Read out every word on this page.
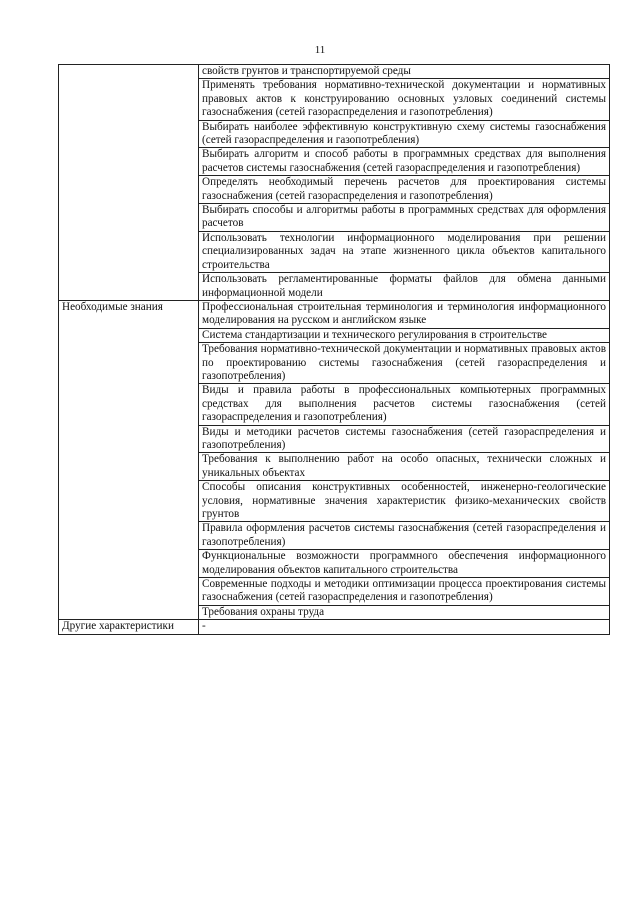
11

	свойств грунтов и транспортируемой среды

	Применять требования нормативно-технической документации и нормативных правовых актов к конструированию основных узловых соединений системы газоснабжения (сетей газораспределения и газопотребления)

	Выбирать наиболее эффективную конструктивную схему системы газоснабжения (сетей газораспределения и газопотребления)

	Выбирать алгоритм и способ работы в программных средствах для выполнения расчетов системы газоснабжения (сетей газораспределения и газопотребления)

	Определять необходимый перечень расчетов для проектирования системы газоснабжения (сетей газораспределения и газопотребления)

	Выбирать способы и алгоритмы работы в программных средствах для оформления расчетов

	Использовать технологии информационного моделирования при решении специализированных задач на этапе жизненного цикла объектов капитального строительства

	Использовать регламентированные форматы файлов для обмена данными информационной модели

Необходимые знания	Профессиональная строительная терминология и терминология информационного моделирования на русском и английском языке

	Система стандартизации и технического регулирования в строительстве

	Требования нормативно-технической документации и нормативных правовых актов по проектированию системы газоснабжения (сетей газораспределения и газопотребления)

	Виды и правила работы в профессиональных компьютерных программных средствах для выполнения расчетов системы газоснабжения (сетей газораспределения и газопотребления)

	Виды и методики расчетов системы газоснабжения (сетей газораспределения и газопотребления)

	Требования к выполнению работ на особо опасных, технически сложных и уникальных объектах

	Способы описания конструктивных особенностей, инженерно-геологические условия, нормативные значения характеристик физико-механических свойств грунтов

	Правила оформления расчетов системы газоснабжения (сетей газораспределения и газопотребления)

	Функциональные возможности программного обеспечения информационного моделирования объектов капитального строительства

	Современные подходы и методики оптимизации процесса проектирования системы газоснабжения (сетей газораспределения и газопотребления)

	Требования охраны труда

Другие характеристики	-
